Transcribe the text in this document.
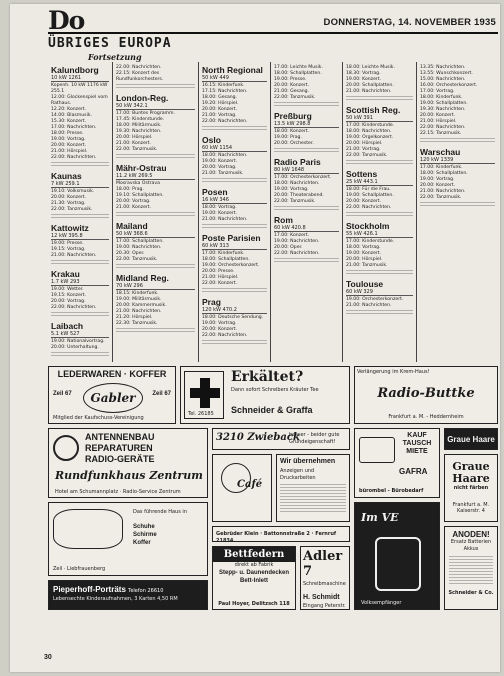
Do	DONNERSTAG, 14. NOVEMBER 1935
ÜBRIGES EUROPA
Fortsetzung
Kalundborg
10 kW 1261

Kopenh. 10 kW 1176 kW 255.1

12.00: Glockenspiel vom Rathaus.

12.20: Konzert.

14.00: Blasmusik.

15.30: Konzert.

17.00: Nachrichten.

18.00: Presse.

19.00: Vortrag.

20.00: Konzert.

21.00: Hörspiel.

22.00: Nachrichten.

Kaunas
7 kW 259.1

19.10: Volksmusik.

20.00: Konzert.

21.30: Vortrag.

22.00: Tanzmusik.

Kattowitz
12 kW 395.8

19.00: Presse.

19.15: Vortrag.

21.00: Nachrichten.

Krakau
1.7 kW 293

19.00: Wetter.

19.15: Konzert.

20.00: Vortrag.

22.00: Nachrichten.

Laibach
5.1 kW 527

19.00: Nationalvortrag.

20.00: Unterhaltung.

22.00: Nachrichten.

22.15: Konzert des Rundfunkorchesters.

London-Reg.
50 kW 342.1

17.00: Buntes Programm.

17.45: Kinderstunde.

18.00: Militärmusik.

19.30: Nachrichten.

20.00: Hörspiel.

21.00: Konzert.

22.00: Tanzmusik.

Mähr-Ostrau
11.2 kW 269.5

Mosravska Ostrava

18.00: Prag.

19.10: Schallplatten.

20.00: Vortrag.

21.00: Konzert.

Mailand
50 kW 368.6

17.00: Schallplatten.

19.00: Nachrichten.

20.30: Oper.

22.00: Tanzmusik.

Midland Reg.
70 kW 296

18.15: Kinderfunk.

19.00: Militärmusik.

20.00: Kammermusik.

21.00: Nachrichten.

21.20: Hörspiel.

22.30: Tanzmusik.

North Regional
50 kW 449

16.15: Kinderfunk.

17.15: Nachrichten.

18.00: Gesang.

19.20: Hörspiel.

20.00: Konzert.

21.00: Vortrag.

22.00: Nachrichten.

Oslo
60 kW 1154

18.00: Nachrichten.

19.00: Konzert.

20.00: Vortrag.

21.00: Tanzmusik.

Posen
16 kW 346

18.00: Vortrag.

19.00: Konzert.

21.00: Nachrichten.

Poste Parisien
60 kW 313

17.00: Kinderfunk.

18.00: Schallplatten.

19.00: Orchesterkonzert.

20.00: Presse.

21.00: Hörspiel.

22.00: Konzert.

Prag
120 kW 470.2

18.00: Deutsche Sendung.

19.00: Vortrag.

20.00: Konzert.

22.00: Nachrichten.

17.00: Leichte Musik.

18.00: Schallplatten.

19.00: Presse.

20.00: Konzert.

21.00: Gesang.

22.00: Tanzmusik.

Preßburg
13.5 kW 298.8

18.00: Konzert.

19.00: Prag.

20.00: Orchester.

Radio Paris
80 kW 1648

17.00: Orchesterkonzert.

18.00: Nachrichten.

19.00: Vortrag.

20.00: Theaterabend.

22.00: Tanzmusik.

Rom
60 kW 420.8

17.00: Konzert.

19.00: Nachrichten.

20.00: Oper.

22.00: Nachrichten.

18.00: Leichte Musik.

18.30: Vortrag.

19.00: Konzert.

20.00: Schallplatten.

21.00: Nachrichten.

Scottish Reg.
50 kW 391

17.00: Kinderstunde.

18.00: Nachrichten.

19.00: Orgelkonzert.

20.00: Hörspiel.

21.00: Vortrag.

22.00: Tanzmusik.

Sottens
25 kW 443.1

18.00: Für die Frau.

19.00: Schallplatten.

20.00: Konzert.

22.00: Nachrichten.

Stockholm
55 kW 426.1

17.00: Kinderstunde.

18.00: Vortrag.

19.00: Konzert.

20.00: Hörspiel.

21.00: Tanzmusik.

Toulouse
60 kW 329

19.00: Orchesterkonzert.

21.00: Nachrichten.

13.35: Nachrichten.

13.55: Wunschkonzert.

15.00: Nachrichten.

16.00: Orchesterkonzert.

17.00: Vortrag.

18.00: Kinderfunk.

19.00: Schallplatten.

19.30: Nachrichten.

20.00: Konzert.

21.00: Hörspiel.

22.00: Nachrichten.

22.15: Tanzmusik.

Warschau
120 kW 1339

17.00: Kinderfunk.

18.00: Schallplatten.

19.00: Vortrag.

20.00: Konzert.

21.00: Nachrichten.

22.00: Tanzmusik.

LEDERWAREN · KOFFER
Zeil 67	Gabler	Zeil 67
Mitglied der Kaufschuss-Vereinigung
Tel. 26185
Erkältet?
Dann sofort Schreibers Kräuter Tee
Schneider & Graffa
Verlängerung im Krem-Haus!
Radio-Buttke
Frankfurt a. M. - Heddernheim
ANTENNENBAU
REPARATUREN
RADIO-GERÄTE
Rundfunkhaus Zentrum
Hotel am Schumannplatz · Radio-Service Zentrum
3210 Zwieback
besser - beider gute Grundeigenschaft!
KAUF TAUSCH MIETE
GAFRA
bürombel - Bürobedarf
Graue Haare
Café
Wir übernehmen
Anzeigen und Druckarbeiten
Graue Haare
nicht färben
Frankfurt a. M. Kaiserstr. 4
Gebrüder Klein · Battonnstraße 2 · Fernruf 21834
Das führende Haus in
Schuhe
Schirme
Koffer
Zeil · Liebfrauenberg
Bettfedern
direkt ab Fabrik
Stepp- u. Daunendecken
Bett-Inlett
Paul Hoyer, Delitzsch 118
Adler 7
Schreibmaschine
H. Schmidt
Eingang Peterstr.
Im VE
Volksempfänger
ANODEN!
Ersatz Batterien
Akkus
Schneider & Co.
Pieperhoff-Porträts Telefon 26610
Lebensechte Kinderaufnahmen, 3 Karten 4,50 RM
30
